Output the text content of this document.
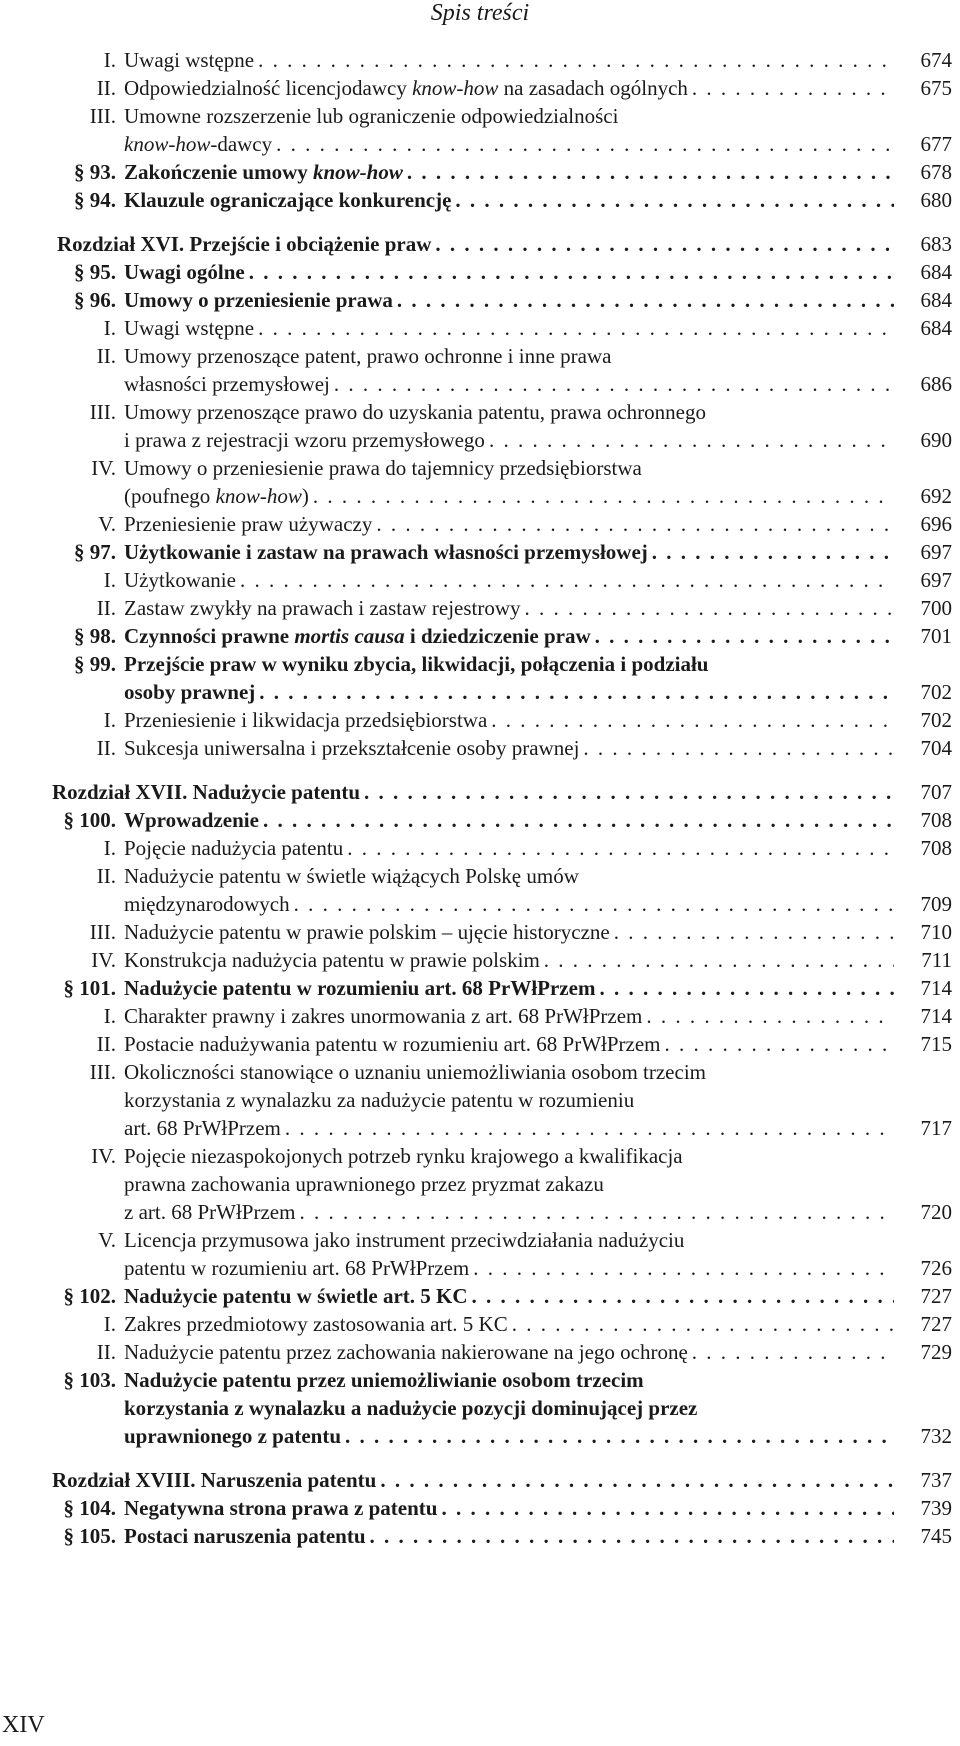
Spis treści
I. Uwagi wstępne . . .	674
II. Odpowiedzialność licencjodawcy know-how na zasadach ogólnych . . .	675
III. Umowne rozszerzenie lub ograniczenie odpowiedzialności
know-how-dawcy . . .	677
§ 93. Zakończenie umowy know-how . . .	678
§ 94. Klauzule ograniczające konkurencję . . .	680
Rozdział XVI. Przejście i obciążenie praw . . .	683
§ 95. Uwagi ogólne . . .	684
§ 96. Umowy o przeniesienie prawa . . .	684
I. Uwagi wstępne . . .	684
II. Umowy przenoszące patent, prawo ochronne i inne prawa
własności przemysłowej . . .	686
III. Umowy przenoszące prawo do uzyskania patentu, prawa ochronnego
i prawa z rejestracji wzoru przemysłowego . . .	690
IV. Umowy o przeniesienie prawa do tajemnicy przedsiębiorstwa
(poufnego know-how) . . .	692
V. Przeniesienie praw używaczy . . .	696
§ 97. Użytkowanie i zastaw na prawach własności przemysłowej . . .	697
I. Użytkowanie . . .	697
II. Zastaw zwykły na prawach i zastaw rejestrowy . . .	700
§ 98. Czynności prawne mortis causa i dziedziczenie praw . . .	701
§ 99. Przejście praw w wyniku zbycia, likwidacji, połączenia i podziału
osoby prawnej . . .	702
I. Przeniesienie i likwidacja przedsiębiorstwa . . .	702
II. Sukcesja uniwersalna i przekształcenie osoby prawnej . . .	704
Rozdział XVII. Nadużycie patentu . . .	707
§ 100. Wprowadzenie . . .	708
I. Pojęcie nadużycia patentu . . .	708
II. Nadużycie patentu w świetle wiążących Polskę umów
międzynarodowych . . .	709
III. Nadużycie patentu w prawie polskim – ujęcie historyczne . . .	710
IV. Konstrukcja nadużycia patentu w prawie polskim . . .	711
§ 101. Nadużycie patentu w rozumieniu art. 68 PrWłPrzem . . .	714
I. Charakter prawny i zakres unormowania z art. 68 PrWłPrzem . . .	714
II. Postacie nadużywania patentu w rozumieniu art. 68 PrWłPrzem . . .	715
III. Okoliczności stanowiące o uznaniu uniemożliwiania osobom trzecim
korzystania z wynalazku za nadużycie patentu w rozumieniu
art. 68 PrWłPrzem . . .	717
IV. Pojęcie niezaspokojonych potrzeb rynku krajowego a kwalifikacja
prawna zachowania uprawnionego przez pryzmat zakazu
z art. 68 PrWłPrzem . . .	720
V. Licencja przymusowa jako instrument przeciwdziałania nadużyciu
patentu w rozumieniu art. 68 PrWłPrzem . . .	726
§ 102. Nadużycie patentu w świetle art. 5 KC . . .	727
I. Zakres przedmiotowy zastosowania art. 5 KC . . .	727
II. Nadużycie patentu przez zachowania nakierowane na jego ochronę . . .	729
§ 103. Nadużycie patentu przez uniemożliwianie osobom trzecim
korzystania z wynalazku a nadużycie pozycji dominującej przez
uprawnionego z patentu . . .	732
Rozdział XVIII. Naruszenia patentu . . .	737
§ 104. Negatywna strona prawa z patentu . . .	739
§ 105. Postaci naruszenia patentu . . .	745
XIV
